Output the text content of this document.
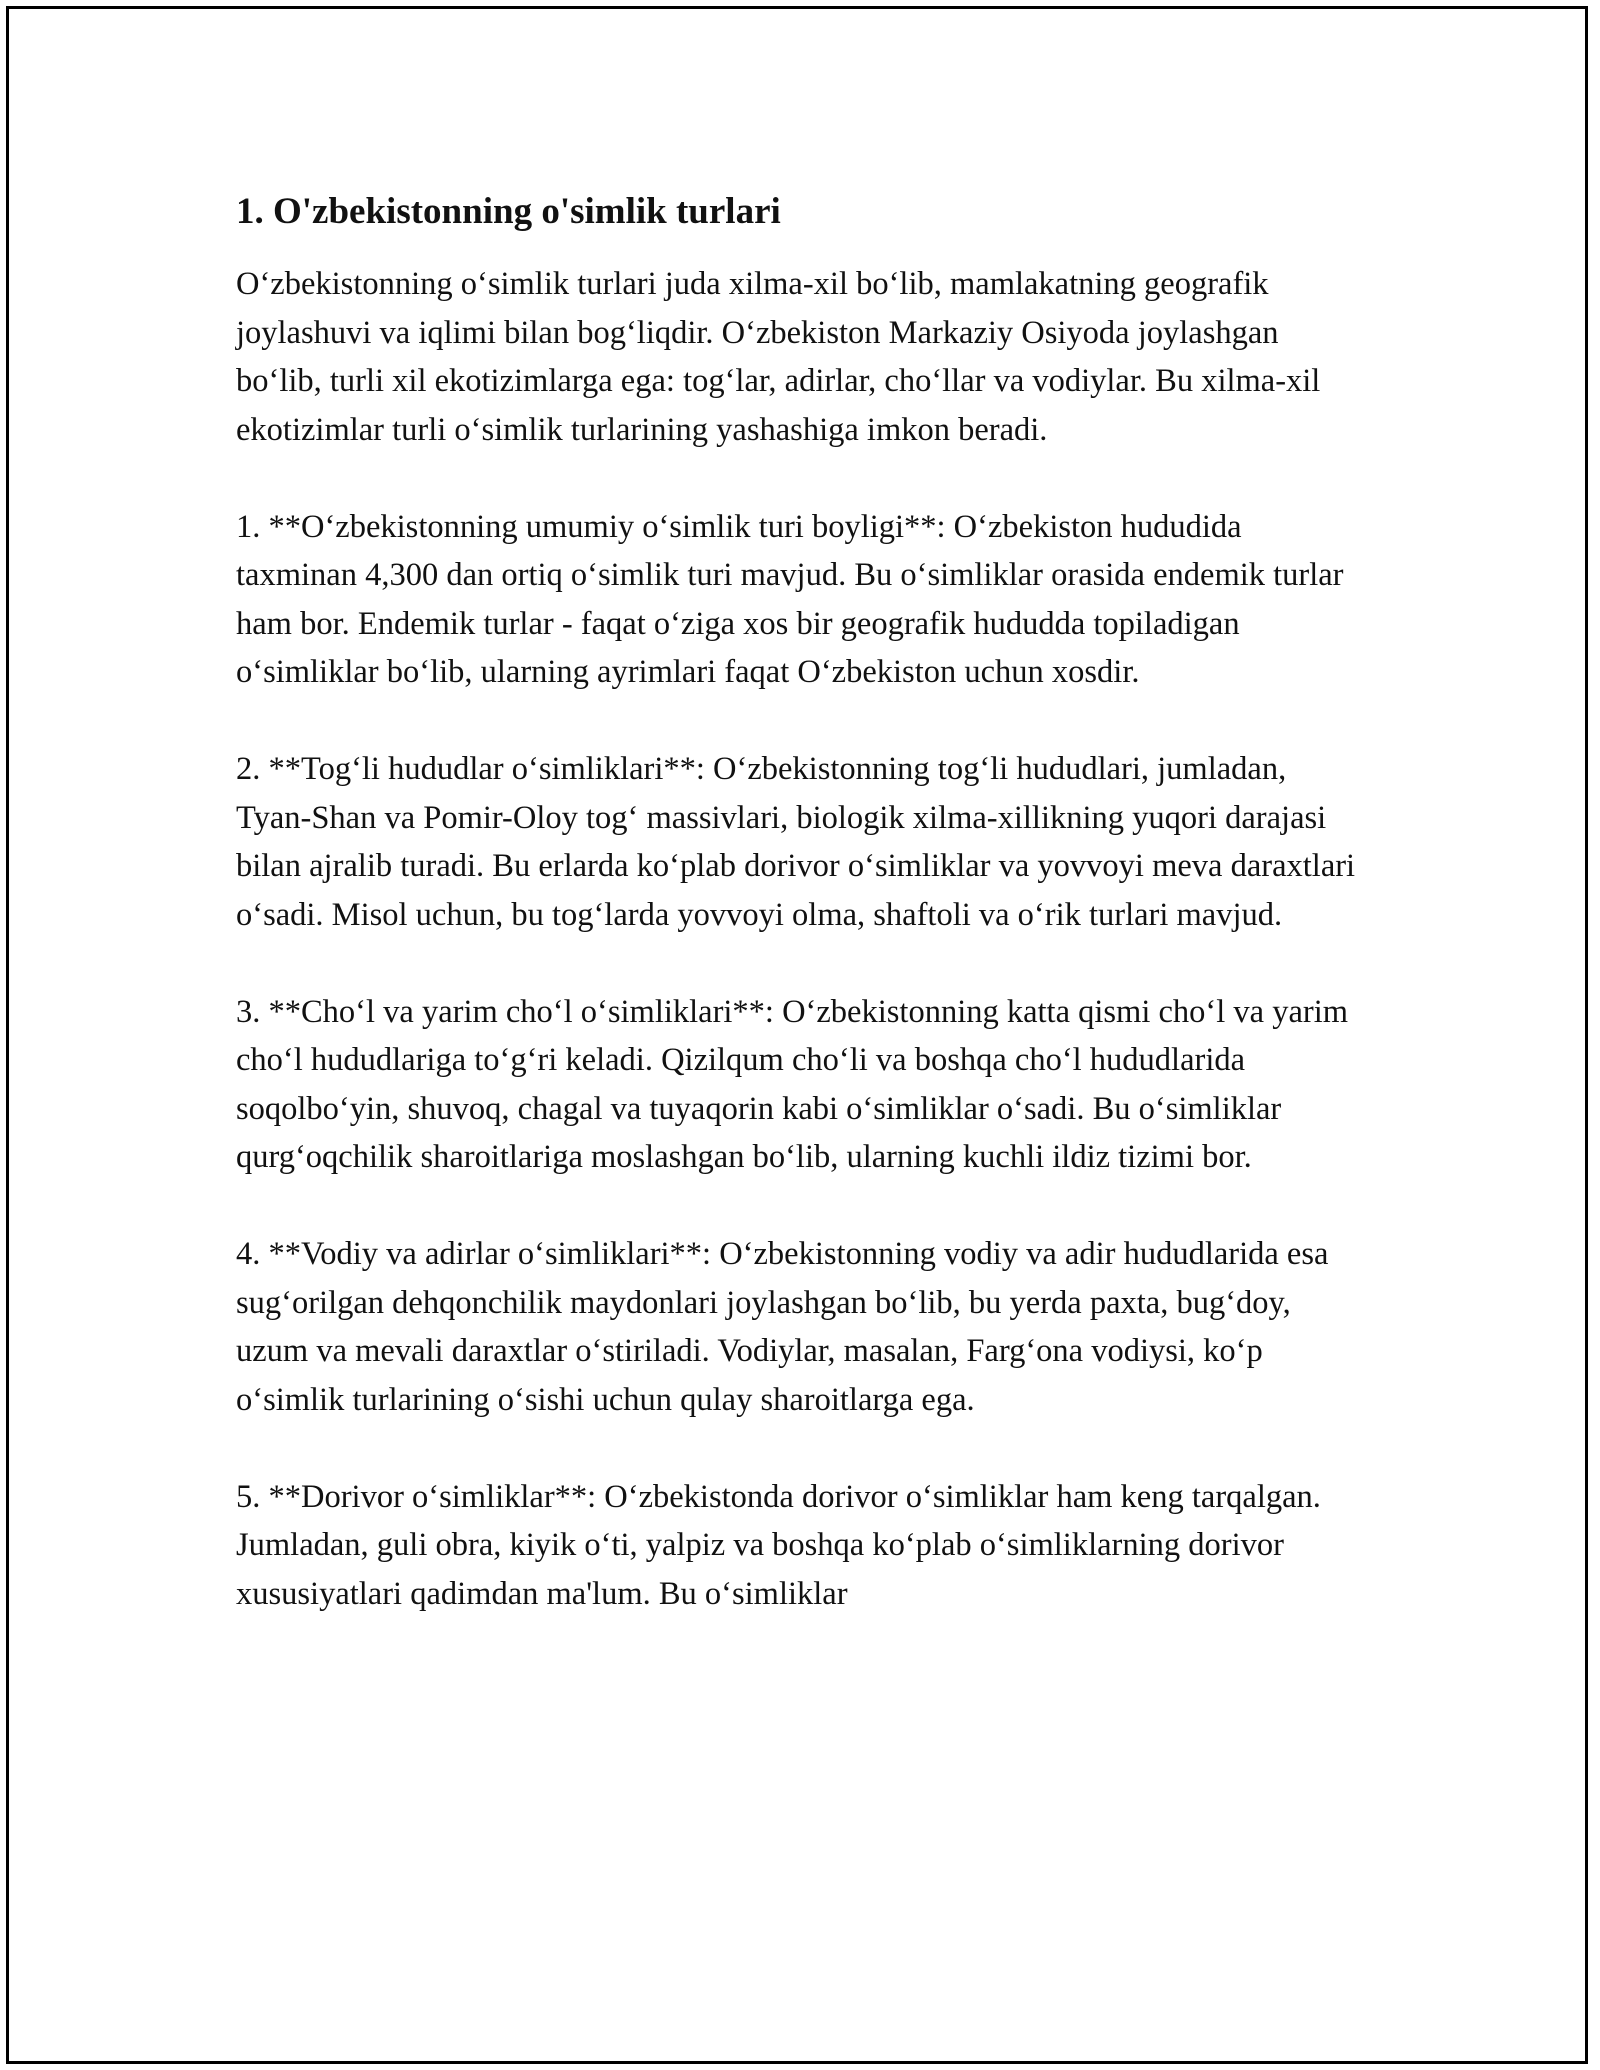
1. O'zbekistonning o'simlik turlari

O‘zbekistonning o‘simlik turlari juda xilma-xil bo‘lib, mamlakatning geografik joylashuvi va iqlimi bilan bog‘liqdir. O‘zbekiston Markaziy Osiyoda joylashgan bo‘lib, turli xil ekotizimlarga ega: tog‘lar, adirlar, cho‘llar va vodiylar. Bu xilma-xil ekotizimlar turli o‘simlik turlarining yashashiga imkon beradi.

1. **O‘zbekistonning umumiy o‘simlik turi boyligi**: O‘zbekiston hududida taxminan 4,300 dan ortiq o‘simlik turi mavjud. Bu o‘simliklar orasida endemik turlar ham bor. Endemik turlar - faqat o‘ziga xos bir geografik hududda topiladigan o‘simliklar bo‘lib, ularning ayrimlari faqat O‘zbekiston uchun xosdir.

2. **Tog‘li hududlar o‘simliklari**: O‘zbekistonning tog‘li hududlari, jumladan, Tyan-Shan va Pomir-Oloy tog‘ massivlari, biologik xilma-xillikning yuqori darajasi bilan ajralib turadi. Bu erlarda ko‘plab dorivor o‘simliklar va yovvoyi meva daraxtlari o‘sadi. Misol uchun, bu tog‘larda yovvoyi olma, shaftoli va o‘rik turlari mavjud.

3. **Cho‘l va yarim cho‘l o‘simliklari**: O‘zbekistonning katta qismi cho‘l va yarim cho‘l hududlariga to‘g‘ri keladi. Qizilqum cho‘li va boshqa cho‘l hududlarida soqolbo‘yin, shuvoq, chagal va tuyaqorin kabi o‘simliklar o‘sadi. Bu o‘simliklar qurg‘oqchilik sharoitlariga moslashgan bo‘lib, ularning kuchli ildiz tizimi bor.

4. **Vodiy va adirlar o‘simliklari**: O‘zbekistonning vodiy va adir hududlarida esa sug‘orilgan dehqonchilik maydonlari joylashgan bo‘lib, bu yerda paxta, bug‘doy, uzum va mevali daraxtlar o‘stiriladi. Vodiylar, masalan, Farg‘ona vodiysi, ko‘p o‘simlik turlarining o‘sishi uchun qulay sharoitlarga ega.

5. **Dorivor o‘simliklar**: O‘zbekistonda dorivor o‘simliklar ham keng tarqalgan. Jumladan, guli obra, kiyik o‘ti, yalpiz va boshqa ko‘plab o‘simliklarning dorivor xususiyatlari qadimdan ma'lum. Bu o‘simliklar
